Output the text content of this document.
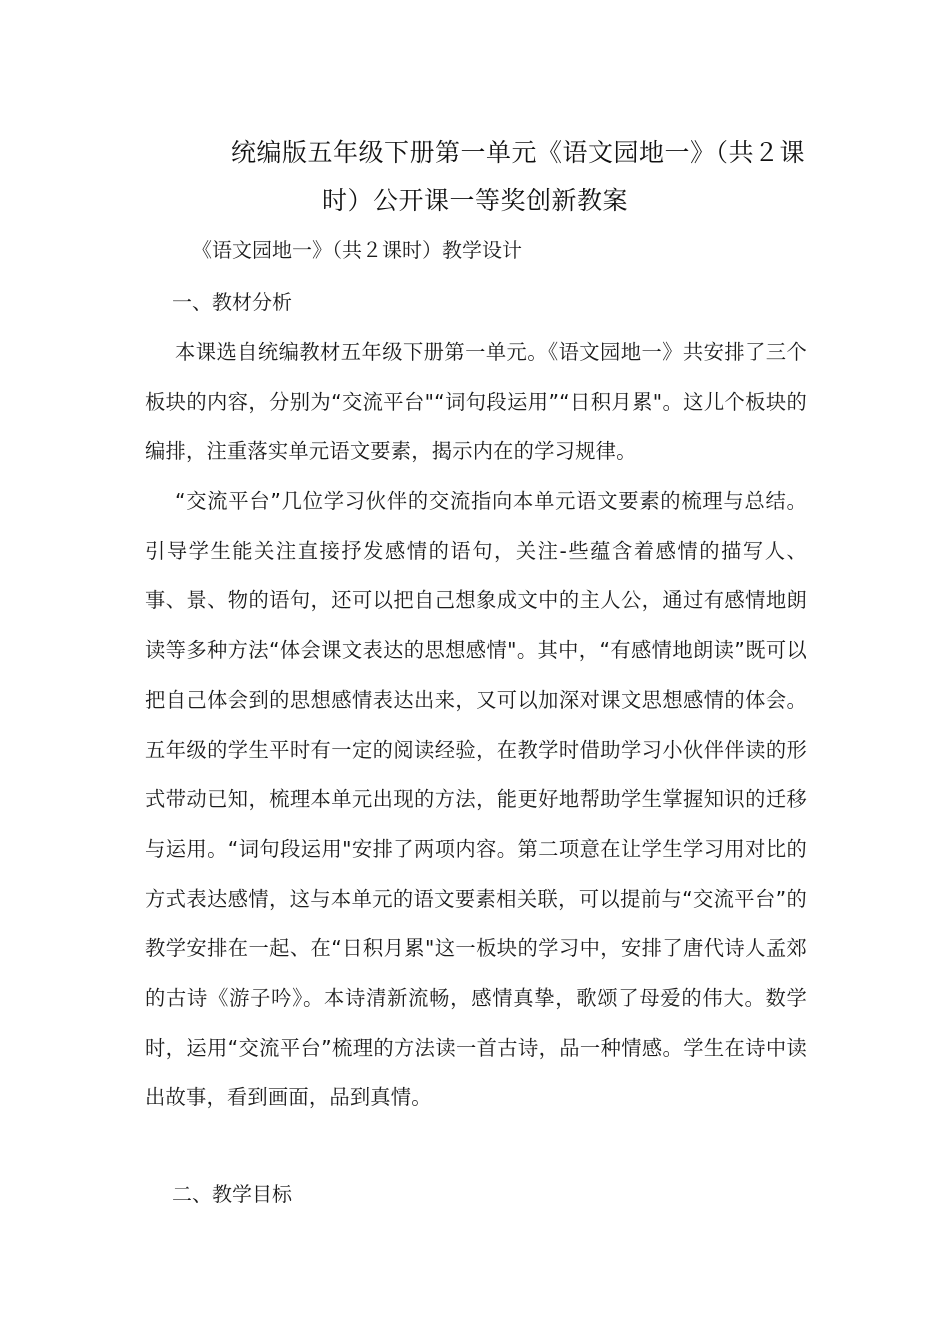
统编版五年级下册第一单元《语文园地一》（共２课
时）公开课一等奖创新教案
《语文园地一》（共２课时）教学设计
一、教材分析

本课选自统编教材五年级下册第一单元。《语文园地一》共安排了三个板块的内容，分别为“交流平台"“词句段运用”“日积月累"。这儿个板块的编排，注重落实单元语文要素，揭示内在的学习规律。

“交流平台”几位学习伙伴的交流指向本单元语文要素的梳理与总结。引导学生能关注直接抒发感情的语句，关注-些蕴含着感情的描写人、事、景、物的语句，还可以把自己想象成文中的主人公，通过有感情地朗读等多种方法“体会课文表达的思想感情"。其中，“有感情地朗读”既可以把自己体会到的思想感情表达出来，又可以加深对课文思想感情的体会。五年级的学生平时有一定的阅读经验，在教学时借助学习小伙伴伴读的形式带动已知，梳理本单元出现的方法，能更好地帮助学生掌握知识的迁移与运用。“词句段运用"安排了两项内容。第二项意在让学生学习用对比的方式表达感情，这与本单元的语文要素相关联，可以提前与“交流平台”的教学安排在一起、在“日积月累"这一板块的学习中，安排了唐代诗人孟郊的古诗《游子吟》。本诗清新流畅，感情真挚，歌颂了母爱的伟大。数学时，运用“交流平台”梳理的方法读一首古诗，品一种情感。学生在诗中读出故事，看到画面，品到真情。

二、教学目标
